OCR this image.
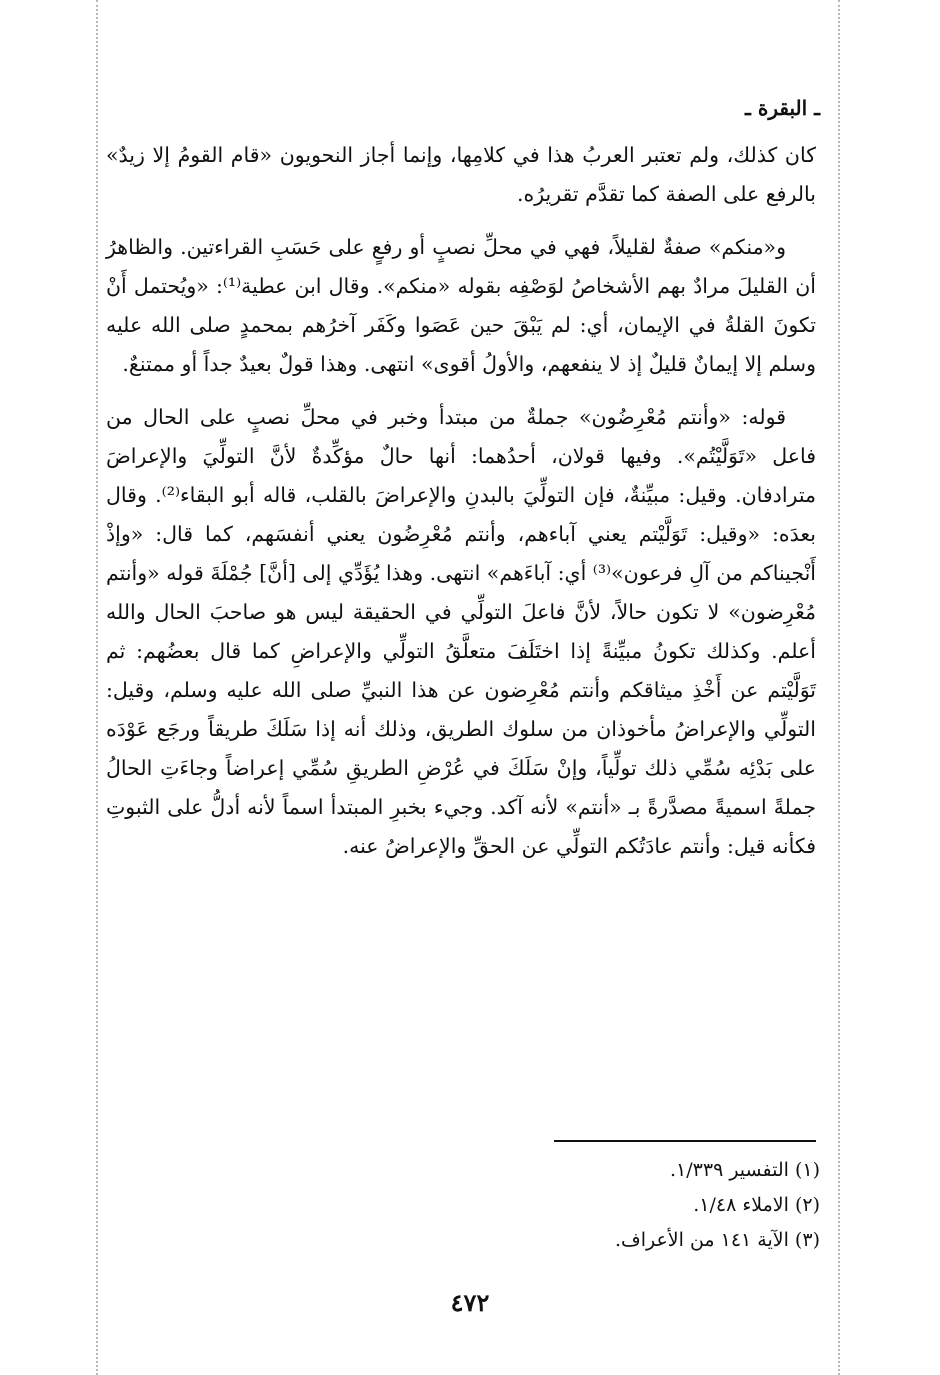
ـ البقرة ـ

كان كذلك، ولم تعتبر العربُ هذا في كلامِها، وإنما أجاز النحويون «قام القومُ إلا زيدٌ» بالرفع على الصفة كما تقدَّم تقريرُه.

و«منكم» صفةٌ لقليلاً، فهي في محلِّ نصبٍ أو رفعٍ على حَسَبِ القراءتين. والظاهرُ أن القليلَ مرادٌ بهم الأشخاصُ لوَصْفِه بقوله «منكم». وقال ابن عطية⁽¹⁾: «ويُحتمل أَنْ تكونَ القلةُ في الإيمان، أي: لم يَبْقَ حين عَصَوا وكَفَر آخرُهم بمحمدٍ صلى الله عليه وسلم إلا إيمانٌ قليلٌ إذ لا ينفعهم، والأولُ أقوى» انتهى. وهذا قولٌ بعيدٌ جداً أو ممتنعٌ.

قوله: «وأنتم مُعْرِضُون» جملةٌ من مبتدأ وخبر في محلِّ نصبٍ على الحال من فاعل «تَوَلَّيْتُم». وفيها قولان، أحدُهما: أنها حالٌ مؤكِّدةٌ لأنَّ التولِّيَ والإعراضَ مترادفان. وقيل: مبيِّنةٌ، فإن التولِّيَ بالبدنِ والإعراضَ بالقلب، قاله أبو البقاء⁽²⁾. وقال بعدَه: «وقيل: تَوَلَّيْتم يعني آباءهم، وأنتم مُعْرِضُون يعني أنفسَهم، كما قال: «وإذْ أَنْجيناكم من آلِ فرعون»⁽³⁾ أي: آباءَهم» انتهى. وهذا يُؤَدِّي إلى [أنَّ] جُمْلَةَ قوله «وأنتم مُعْرِضون» لا تكون حالاً، لأنَّ فاعلَ التولِّي في الحقيقة ليس هو صاحبَ الحال والله أعلم. وكذلك تكونُ مبيِّنةً إذا اختَلَفَ متعلَّقُ التولِّي والإعراضِ كما قال بعضُهم: ثم تَوَلَّيْتم عن أَخْذِ ميثاقكم وأنتم مُعْرِضون عن هذا النبيِّ صلى الله عليه وسلم، وقيل: التولِّي والإعراضُ مأخوذان من سلوك الطريق، وذلك أنه إذا سَلَكَ طريقاً ورجَع عَوْدَه على بَدْئِه سُمِّي ذلك تولِّياً، وإنْ سَلَكَ في عُرْضِ الطريقِ سُمِّي إعراضاً وجاءَتِ الحالُ جملةً اسميةً مصدَّرةً بـ «أنتم» لأنه آكد. وجيء بخبرِ المبتدأ اسماً لأنه أدلُّ على الثبوتِ فكأنه قيل: وأنتم عادَتُكم التولِّي عن الحقِّ والإعراضُ عنه.

(١) التفسير ١/٣٣٩.
(٢) الاملاء ١/٤٨.
(٣) الآية ١٤١ من الأعراف.
٤٧٢
